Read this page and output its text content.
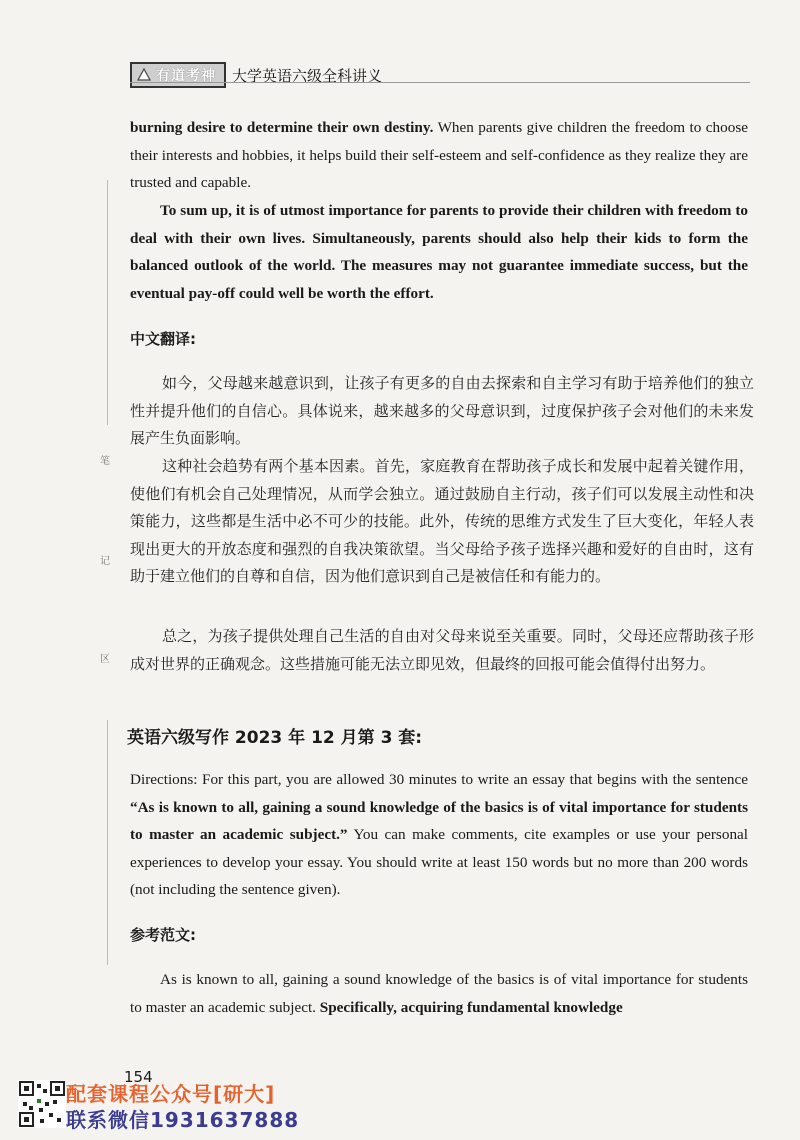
有道考神	大学英语六级全科讲义
笔
记
区

burning desire to determine their own destiny. When parents give children the freedom to choose their interests and hobbies, it helps build their self-esteem and self-confidence as they realize they are trusted and capable.

To sum up, it is of utmost importance for parents to provide their children with freedom to deal with their own lives. Simultaneously, parents should also help their kids to form the balanced outlook of the world. The measures may not guarantee immediate success, but the eventual pay-off could well be worth the effort.

中文翻译:

如今，父母越来越意识到，让孩子有更多的自由去探索和自主学习有助于培养他们的独立性并提升他们的自信心。具体说来，越来越多的父母意识到，过度保护孩子会对他们的未来发展产生负面影响。

这种社会趋势有两个基本因素。首先，家庭教育在帮助孩子成长和发展中起着关键作用，使他们有机会自己处理情况，从而学会独立。通过鼓励自主行动，孩子们可以发展主动性和决策能力，这些都是生活中必不可少的技能。此外，传统的思维方式发生了巨大变化，年轻人表现出更大的开放态度和强烈的自我决策欲望。当父母给予孩子选择兴趣和爱好的自由时，这有助于建立他们的自尊和自信，因为他们意识到自己是被信任和有能力的。

总之，为孩子提供处理自己生活的自由对父母来说至关重要。同时，父母还应帮助孩子形成对世界的正确观念。这些措施可能无法立即见效，但最终的回报可能会值得付出努力。

英语六级写作 2023 年 12 月第 3 套:

Directions: For this part, you are allowed 30 minutes to write an essay that begins with the sentence “As is known to all, gaining a sound knowledge of the basics is of vital importance for students to master an academic subject.” You can make comments, cite examples or use your personal experiences to develop your essay. You should write at least 150 words but no more than 200 words (not including the sentence given).

参考范文:

As is known to all, gaining a sound knowledge of the basics is of vital importance for students to master an academic subject. Specifically, acquiring fundamental knowledge

154
配套课程公众号[研大]
联系微信1931637888
